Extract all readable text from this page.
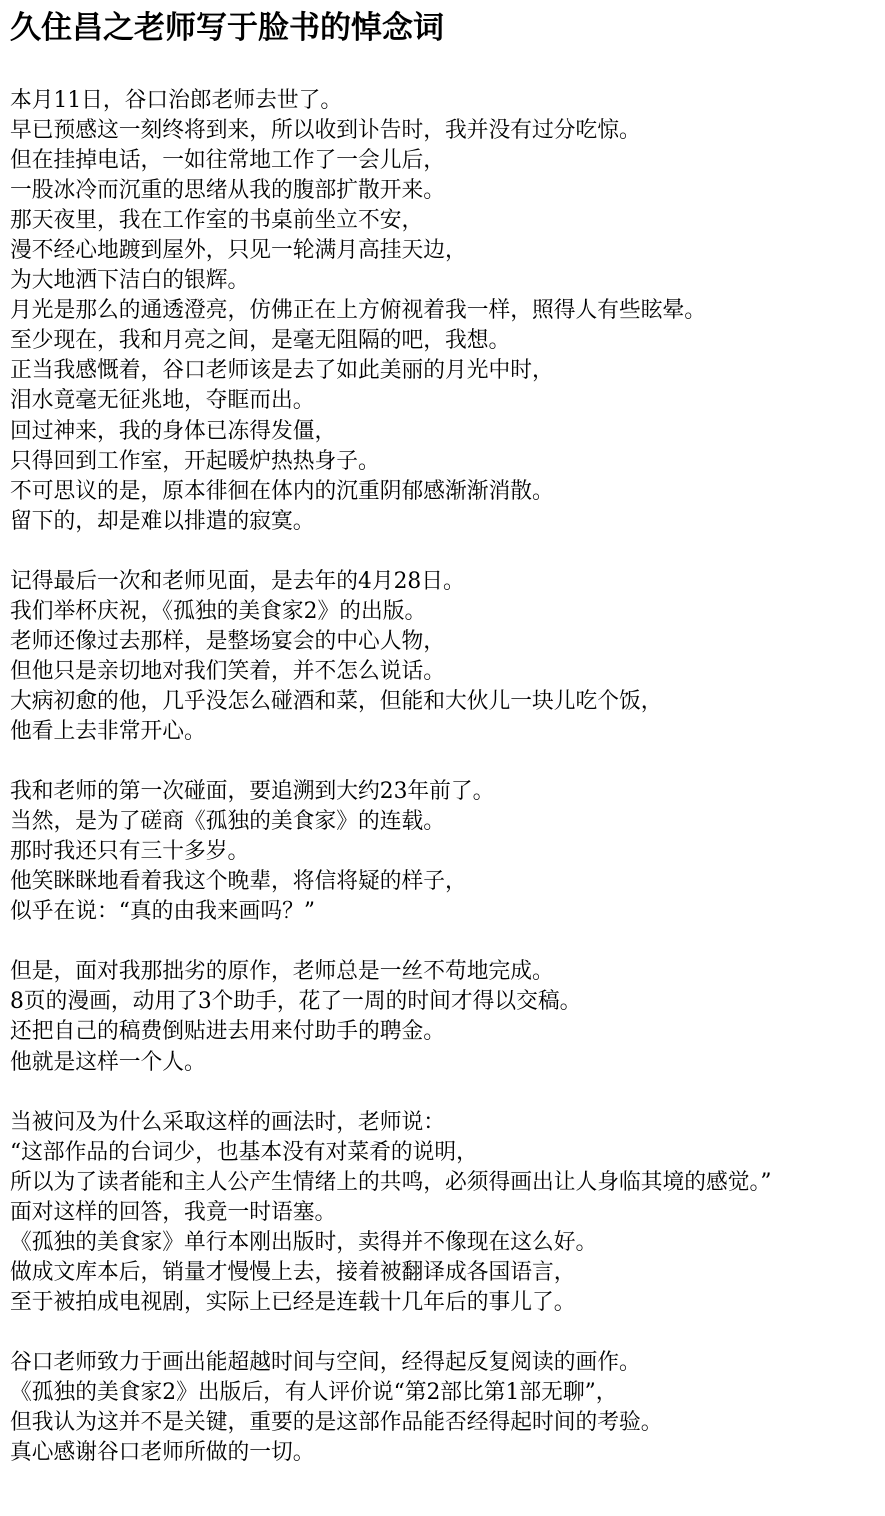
久住昌之老师写于脸书的悼念词
本月11日，谷口治郎老师去世了。
早已预感这一刻终将到来，所以收到讣告时，我并没有过分吃惊。
但在挂掉电话，一如往常地工作了一会儿后，
一股冰冷而沉重的思绪从我的腹部扩散开来。
那天夜里，我在工作室的书桌前坐立不安，
漫不经心地踱到屋外，只见一轮满月高挂天边，
为大地洒下洁白的银辉。
月光是那么的通透澄亮，仿佛正在上方俯视着我一样，照得人有些眩晕。
至少现在，我和月亮之间，是毫无阻隔的吧，我想。
正当我感慨着，谷口老师该是去了如此美丽的月光中时，
泪水竟毫无征兆地，夺眶而出。
回过神来，我的身体已冻得发僵，
只得回到工作室，开起暖炉热热身子。
不可思议的是，原本徘徊在体内的沉重阴郁感渐渐消散。
留下的，却是难以排遣的寂寞。
记得最后一次和老师见面，是去年的4月28日。
我们举杯庆祝，《孤独的美食家2》的出版。
老师还像过去那样，是整场宴会的中心人物，
但他只是亲切地对我们笑着，并不怎么说话。
大病初愈的他，几乎没怎么碰酒和菜，但能和大伙儿一块儿吃个饭，
他看上去非常开心。
我和老师的第一次碰面，要追溯到大约23年前了。
当然，是为了磋商《孤独的美食家》的连载。
那时我还只有三十多岁。
他笑眯眯地看着我这个晚辈，将信将疑的样子，
似乎在说：“真的由我来画吗？”
但是，面对我那拙劣的原作，老师总是一丝不苟地完成。
8页的漫画，动用了3个助手，花了一周的时间才得以交稿。
还把自己的稿费倒贴进去用来付助手的聘金。
他就是这样一个人。
当被问及为什么采取这样的画法时，老师说：
“这部作品的台词少，也基本没有对菜肴的说明，
所以为了读者能和主人公产生情绪上的共鸣，必须得画出让人身临其境的感觉。”
面对这样的回答，我竟一时语塞。
《孤独的美食家》单行本刚出版时，卖得并不像现在这么好。
做成文库本后，销量才慢慢上去，接着被翻译成各国语言，
至于被拍成电视剧，实际上已经是连载十几年后的事儿了。
谷口老师致力于画出能超越时间与空间，经得起反复阅读的画作。
《孤独的美食家2》出版后，有人评价说“第2部比第1部无聊”，
但我认为这并不是关键，重要的是这部作品能否经得起时间的考验。
真心感谢谷口老师所做的一切。
